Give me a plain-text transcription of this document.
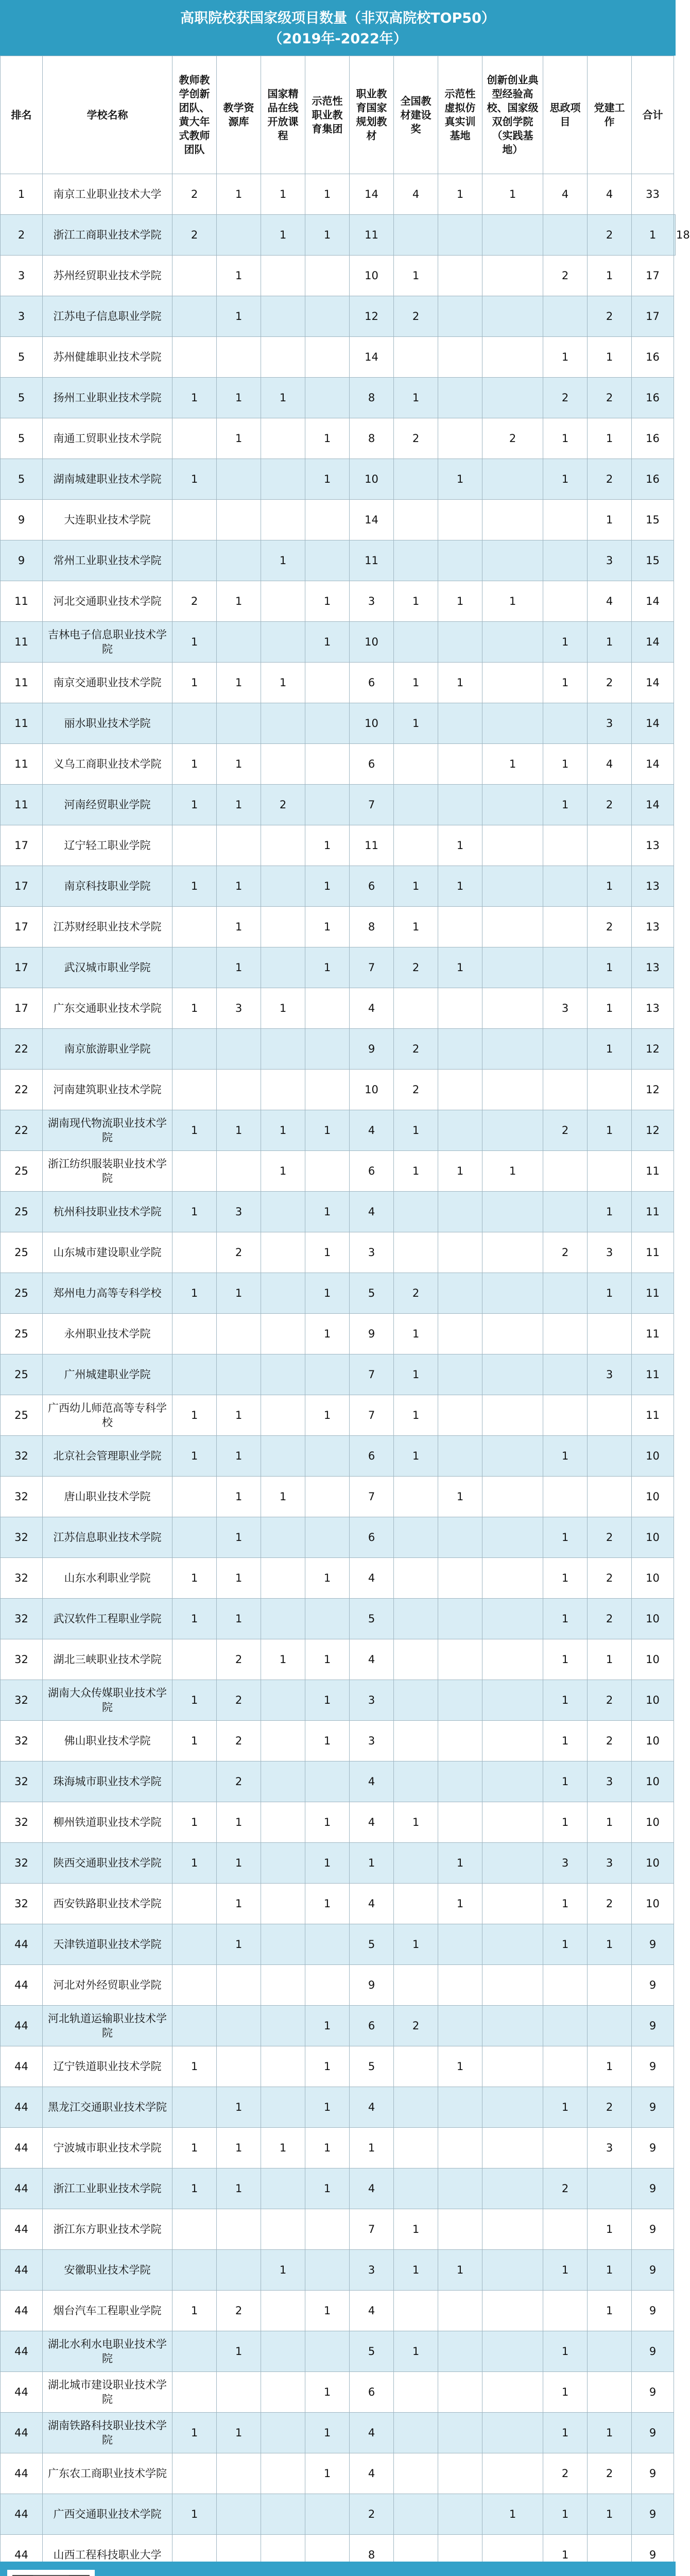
高职院校获国家级项目数量（非双高院校TOP50）
（2019年-2022年）
排名	学校名称	教师教学创新团队、黄大年式教师团队	教学资源库	国家精品在线开放课程	示范性职业教育集团	职业教育国家规划教材	全国教材建设奖	示范性虚拟仿真实训基地	创新创业典型经验高校、国家级双创学院（实践基地）	思政项目	党建工作	合计	
1	南京工业职业技术大学	2	1	1	1	14	4	1	1	4	4	33	
2	浙江工商职业技术学院	2		1	1	11					2	1	18
3	苏州经贸职业技术学院		1			10	1			2	1	17	
3	江苏电子信息职业学院		1			12	2				2	17	
5	苏州健雄职业技术学院					14				1	1	16	
5	扬州工业职业技术学院	1	1	1		8	1			2	2	16	
5	南通工贸职业技术学院		1		1	8	2		2	1	1	16	
5	湖南城建职业技术学院	1			1	10		1		1	2	16	
9	大连职业技术学院					14					1	15	
9	常州工业职业技术学院			1		11					3	15	
11	河北交通职业技术学院	2	1		1	3	1	1	1		4	14	
11	吉林电子信息职业技术学院	1			1	10				1	1	14	
11	南京交通职业技术学院	1	1	1		6	1	1		1	2	14	
11	丽水职业技术学院					10	1				3	14	
11	义乌工商职业技术学院	1	1			6			1	1	4	14	
11	河南经贸职业学院	1	1	2		7				1	2	14	
17	辽宁轻工职业学院				1	11		1				13	
17	南京科技职业学院	1	1		1	6	1	1			1	13	
17	江苏财经职业技术学院		1		1	8	1				2	13	
17	武汉城市职业学院		1		1	7	2	1			1	13	
17	广东交通职业技术学院	1	3	1		4				3	1	13	
22	南京旅游职业学院					9	2				1	12	
22	河南建筑职业技术学院					10	2					12	
22	湖南现代物流职业技术学院	1	1	1	1	4	1			2	1	12	
25	浙江纺织服装职业技术学院			1		6	1	1	1			11	
25	杭州科技职业技术学院	1	3		1	4					1	11	
25	山东城市建设职业学院		2		1	3				2	3	11	
25	郑州电力高等专科学校	1	1		1	5	2				1	11	
25	永州职业技术学院				1	9	1					11	
25	广州城建职业学院					7	1				3	11	
25	广西幼儿师范高等专科学校	1	1		1	7	1					11	
32	北京社会管理职业学院	1	1			6	1			1		10	
32	唐山职业技术学院		1	1		7		1				10	
32	江苏信息职业技术学院		1			6				1	2	10	
32	山东水利职业学院	1	1		1	4				1	2	10	
32	武汉软件工程职业学院	1	1			5				1	2	10	
32	湖北三峡职业技术学院		2	1	1	4				1	1	10	
32	湖南大众传媒职业技术学院	1	2		1	3				1	2	10	
32	佛山职业技术学院	1	2		1	3				1	2	10	
32	珠海城市职业技术学院		2			4				1	3	10	
32	柳州铁道职业技术学院	1	1		1	4	1			1	1	10	
32	陕西交通职业技术学院	1	1		1	1		1		3	3	10	
32	西安铁路职业技术学院		1		1	4		1		1	2	10	
44	天津铁道职业技术学院		1			5	1			1	1	9	
44	河北对外经贸职业学院					9						9	
44	河北轨道运输职业技术学院				1	6	2					9	
44	辽宁铁道职业技术学院	1			1	5		1			1	9	
44	黑龙江交通职业技术学院		1		1	4				1	2	9	
44	宁波城市职业技术学院	1	1	1	1	1					3	9	
44	浙江工业职业技术学院	1	1		1	4				2		9	
44	浙江东方职业技术学院					7	1				1	9	
44	安徽职业技术学院			1		3	1	1		1	1	9	
44	烟台汽车工程职业学院	1	2		1	4					1	9	
44	湖北水利水电职业技术学院		1			5	1			1		9	
44	湖北城市建设职业技术学院				1	6				1		9	
44	湖南铁路科技职业技术学院	1	1		1	4				1	1	9	
44	广东农工商职业技术学院				1	4				2	2	9	
44	广西交通职业技术学院	1				2			1	1	1	9	
44	山西工程科技职业大学					8				1		9	
